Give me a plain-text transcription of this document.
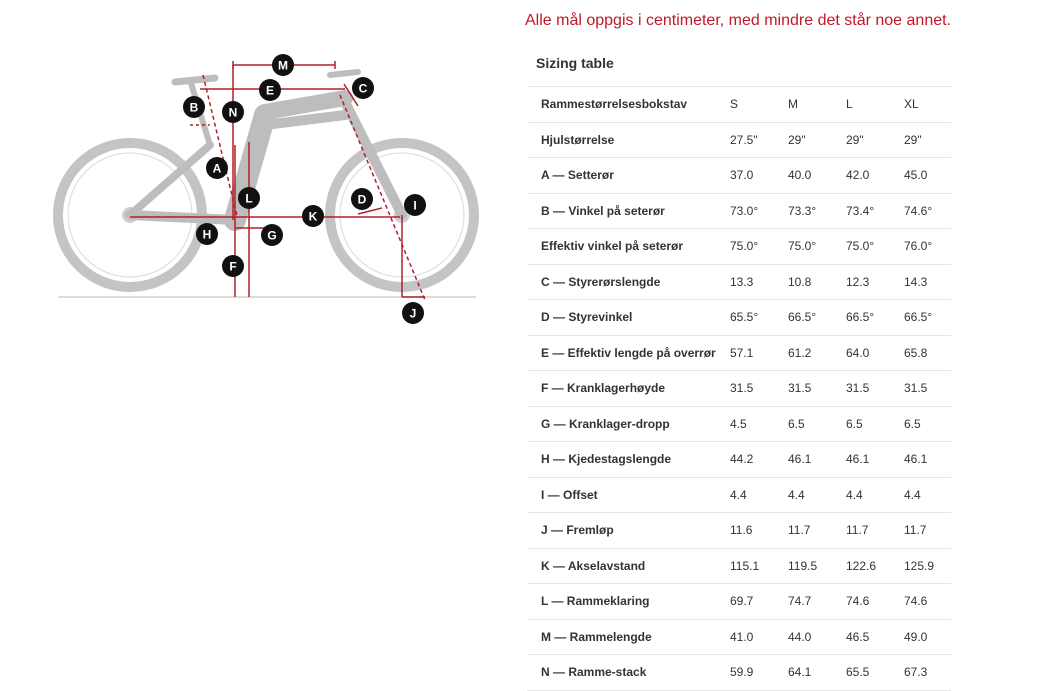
M
E	C
B	N
A
L	D	I
K
H	G
F
J
Alle mål oppgis i centimeter, med mindre det står noe annet.
Sizing table
Rammestørrelsesbokstav	S	M	L	XL
Hjulstørrelse	27.5"	29"	29"	29"
A — Setterør	37.0	40.0	42.0	45.0
B — Vinkel på seterør	73.0°	73.3°	73.4°	74.6°
Effektiv vinkel på seterør	75.0°	75.0°	75.0°	76.0°
C — Styrerørslengde	13.3	10.8	12.3	14.3
D — Styrevinkel	65.5°	66.5°	66.5°	66.5°
E — Effektiv lengde på overrør	57.1	61.2	64.0	65.8
F — Kranklagerhøyde	31.5	31.5	31.5	31.5
G — Kranklager-dropp	4.5	6.5	6.5	6.5
H — Kjedestagslengde	44.2	46.1	46.1	46.1
I — Offset	4.4	4.4	4.4	4.4
J — Fremløp	11.6	11.7	11.7	11.7
K — Akselavstand	115.1	119.5	122.6	125.9
L — Rammeklaring	69.7	74.7	74.6	74.6
M — Rammelengde	41.0	44.0	46.5	49.0
N — Ramme-stack	59.9	64.1	65.5	67.3
